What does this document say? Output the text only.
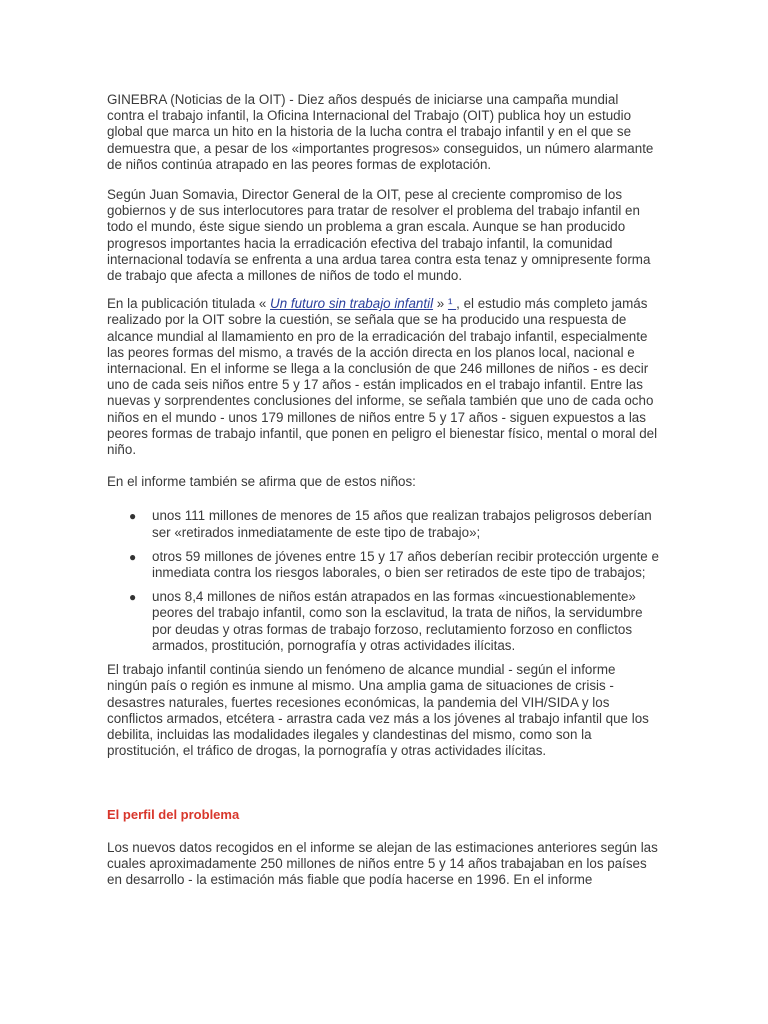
GINEBRA (Noticias de la OIT) - Diez años después de iniciarse una campaña mundial contra el trabajo infantil, la Oficina Internacional del Trabajo (OIT) publica hoy un estudio global que marca un hito en la historia de la lucha contra el trabajo infantil y en el que se demuestra que, a pesar de los «importantes progresos» conseguidos, un número alarmante de niños continúa atrapado en las peores formas de explotación.

Según Juan Somavia, Director General de la OIT, pese al creciente compromiso de los gobiernos y de sus interlocutores para tratar de resolver el problema del trabajo infantil en todo el mundo, éste sigue siendo un problema a gran escala. Aunque se han producido progresos importantes hacia la erradicación efectiva del trabajo infantil, la comunidad internacional todavía se enfrenta a una ardua tarea contra esta tenaz y omnipresente forma de trabajo que afecta a millones de niños de todo el mundo.

En la publicación titulada « Un futuro sin trabajo infantil » ¹ , el estudio más completo jamás realizado por la OIT sobre la cuestión, se señala que se ha producido una respuesta de alcance mundial al llamamiento en pro de la erradicación del trabajo infantil, especialmente las peores formas del mismo, a través de la acción directa en los planos local, nacional e internacional. En el informe se llega a la conclusión de que 246 millones de niños - es decir uno de cada seis niños entre 5 y 17 años - están implicados en el trabajo infantil. Entre las nuevas y sorprendentes conclusiones del informe, se señala también que uno de cada ocho niños en el mundo - unos 179 millones de niños entre 5 y 17 años - siguen expuestos a las peores formas de trabajo infantil, que ponen en peligro el bienestar físico, mental o moral del niño.

En el informe también se afirma que de estos niños:

● unos 111 millones de menores de 15 años que realizan trabajos peligrosos deberían ser «retirados inmediatamente de este tipo de trabajo»;
● otros 59 millones de jóvenes entre 15 y 17 años deberían recibir protección urgente e inmediata contra los riesgos laborales, o bien ser retirados de este tipo de trabajos;
● unos 8,4 millones de niños están atrapados en las formas «incuestionablemente» peores del trabajo infantil, como son la esclavitud, la trata de niños, la servidumbre por deudas y otras formas de trabajo forzoso, reclutamiento forzoso en conflictos armados, prostitución, pornografía y otras actividades ilícitas.

El trabajo infantil continúa siendo un fenómeno de alcance mundial - según el informe ningún país o región es inmune al mismo. Una amplia gama de situaciones de crisis - desastres naturales, fuertes recesiones económicas, la pandemia del VIH/SIDA y los conflictos armados, etcétera - arrastra cada vez más a los jóvenes al trabajo infantil que los debilita, incluidas las modalidades ilegales y clandestinas del mismo, como son la prostitución, el tráfico de drogas, la pornografía y otras actividades ilícitas.

El perfil del problema

Los nuevos datos recogidos en el informe se alejan de las estimaciones anteriores según las cuales aproximadamente 250 millones de niños entre 5 y 14 años trabajaban en los países en desarrollo - la estimación más fiable que podía hacerse en 1996. En el informe
